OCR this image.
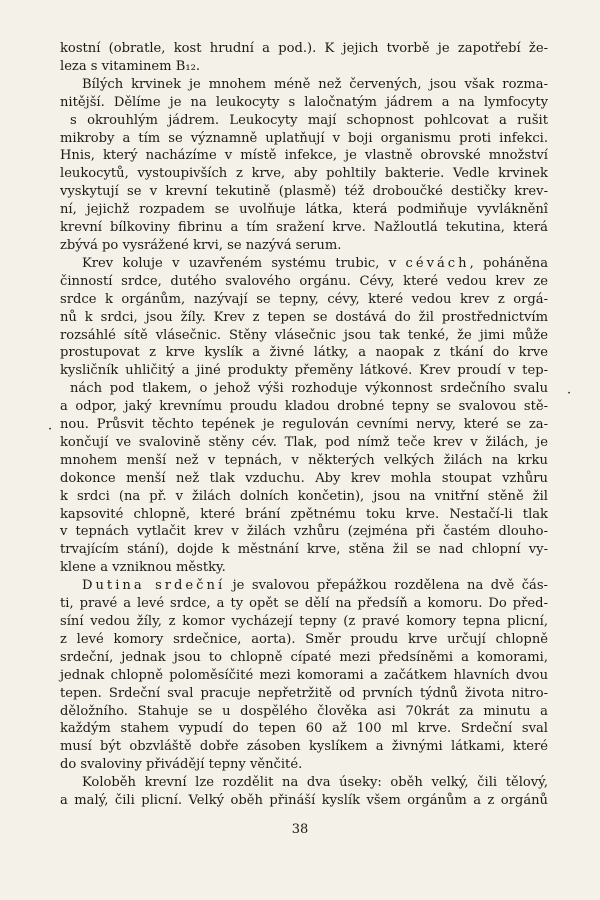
kostní (obratle, kost hrudní a pod.). K jejich tvorbě je zapotřebí že-
leza s vitaminem B₁₂.
Bílých krvinek je mnohem méně než červených, jsou však rozma-
nitější. Dělíme je na leukocyty s laločnatým jádrem a na lymfocyty
s okrouhlým jádrem. Leukocyty mají schopnost pohlcovat a rušit
mikroby a tím se významně uplatňují v boji organismu proti infekci.
Hnis, který nacházíme v místě infekce, je vlastně obrovské množství
leukocytů, vystoupivších z krve, aby pohltily bakterie. Vedle krvinek
vyskytují se v krevní tekutině (plasmě) též droboučké destičky krev-
ní, jejichž rozpadem se uvolňuje látka, která podmiňuje vyvlákněnî
krevní bílkoviny fibrinu a tím sražení krve. Nažloutlá tekutina, která
zbývá po vysrážené krvi, se nazývá serum.
Krev koluje v uzavřeném systému trubic, v cévách, poháněna
činností srdce, dutého svalového orgánu. Cévy, které vedou krev ze
srdce k orgánům, nazývají se tepny, cévy, které vedou krev z orgá-
nů k srdci, jsou žíly. Krev z tepen se dostává do žil prostřednictvím
rozsáhlé sítě vlásečnic. Stěny vlásečnic jsou tak tenké, že jimi může
prostupovat z krve kyslík a živné látky, a naopak z tkání do krve
kysličník uhličitý a jiné produkty přeměny látkové. Krev proudí v tep-
nách pod tlakem, o jehož výši rozhoduje výkonnost srdečního svalu
a odpor, jaký krevnímu proudu kladou drobné tepny se svalovou stě-
nou. Průsvit těchto tepének je regulován cevními nervy, které se za-
končují ve svalovině stěny cév. Tlak, pod nímž teče krev v žilách, je
mnohem menší než v tepnách, v některých velkých žilách na krku
dokonce menší než tlak vzduchu. Aby krev mohla stoupat vzhůru
k srdci (na př. v žilách dolních končetin), jsou na vnitřní stěně žil
kapsovité chlopně, které brání zpětnému toku krve. Nestačí-li tlak
v tepnách vytlačit krev v žilách vzhůru (zejména při častém dlouho-
trvajícím stání), dojde k městnání krve, stěna žil se nad chlopní vy-
klene a vzniknou městky.
Dutina srdeční je svalovou přepážkou rozdělena na dvě čás-
ti, pravé a levé srdce, a ty opět se dělí na předsíň a komoru. Do před-
síní vedou žíly, z komor vycházejí tepny (z pravé komory tepna plicní,
z levé komory srdečnice, aorta). Směr proudu krve určují chlopně
srdeční, jednak jsou to chlopně cípaté mezi předsíněmi a komorami,
jednak chlopně poloměsíčité mezi komorami a začátkem hlavních dvou
tepen. Srdeční sval pracuje nepřetržitě od prvních týdnů života nitro-
děložního. Stahuje se u dospělého člověka asi 70krát za minutu a
každým stahem vypudí do tepen 60 až 100 ml krve. Srdeční sval
musí být obzvláště dobře zásoben kyslíkem a živnými látkami, které
do svaloviny přivádějí tepny věnčité.
Koloběh krevní lze rozdělit na dva úseky: oběh velký, čili tělový,
a malý, čili plicní. Velký oběh přináší kyslík všem orgánům a z orgánů
·
·
38
